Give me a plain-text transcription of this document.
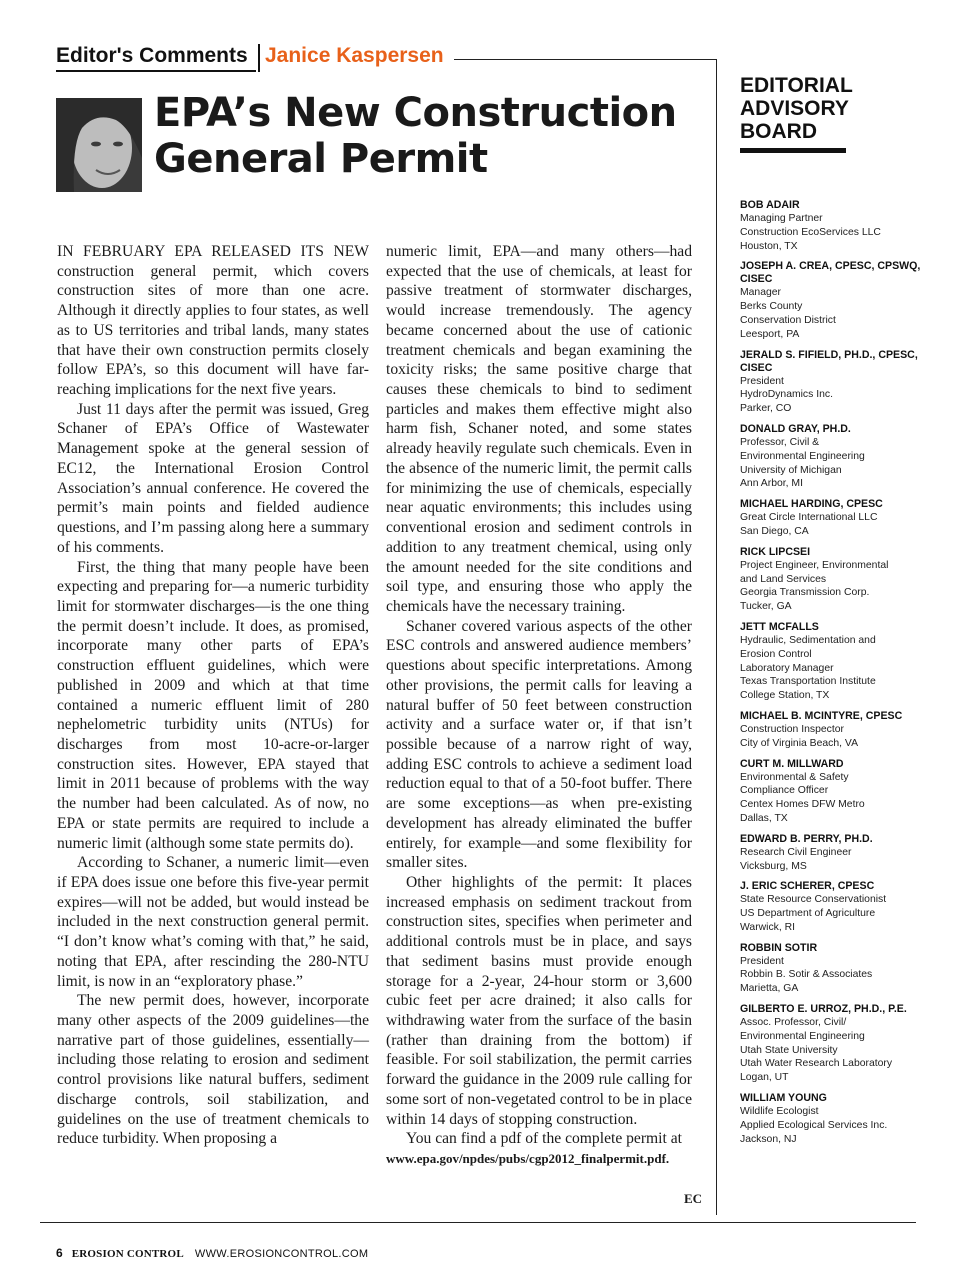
Editor's Comments Janice Kaspersen
EPA’s New Construction General Permit

IN FEBRUARY EPA RELEASED ITS NEW construction general permit, which covers construction sites of more than one acre. Although it directly applies to four states, as well as to US territories and tribal lands, many states that have their own construction permits closely follow EPA’s, so this document will have far-reaching implications for the next five years.

Just 11 days after the permit was issued, Greg Schaner of EPA’s Office of Wastewater Management spoke at the general session of EC12, the International Erosion Control Association’s annual conference. He covered the permit’s main points and fielded audience questions, and I’m passing along here a summary of his comments.

First, the thing that many people have been expecting and preparing for—a numeric turbidity limit for stormwater discharges—is the one thing the permit doesn’t include. It does, as promised, incorporate many other parts of EPA’s construction effluent guidelines, which were published in 2009 and which at that time contained a numeric effluent limit of 280 nephelometric turbidity units (NTUs) for discharges from most 10-acre-or-larger construction sites. However, EPA stayed that limit in 2011 because of problems with the way the number had been calculated. As of now, no EPA or state permits are required to include a numeric limit (although some state permits do).

According to Schaner, a numeric limit—even if EPA does issue one before this five-year permit expires—will not be added, but would instead be included in the next construction general permit. “I don’t know what’s coming with that,” he said, noting that EPA, after rescinding the 280-NTU limit, is now in an “exploratory phase.”

The new permit does, however, incorporate many other aspects of the 2009 guidelines—the narrative part of those guidelines, essentially—including those relating to erosion and sediment control provisions like natural buffers, sediment discharge controls, soil stabilization, and guidelines on the use of treatment chemicals to reduce turbidity. When proposing a

numeric limit, EPA—and many others—had expected that the use of chemicals, at least for passive treatment of stormwater discharges, would increase tremendously. The agency became concerned about the use of cationic treatment chemicals and began examining the toxicity risks; the same positive charge that causes these chemicals to bind to sediment particles and makes them effective might also harm fish, Schaner noted, and some states already heavily regulate such chemicals. Even in the absence of the numeric limit, the permit calls for minimizing the use of chemicals, especially near aquatic environments; this includes using conventional erosion and sediment controls in addition to any treatment chemical, using only the amount needed for the site conditions and soil type, and ensuring those who apply the chemicals have the necessary training.

Schaner covered various aspects of the other ESC controls and answered audience members’ questions about specific interpretations. Among other provisions, the permit calls for leaving a natural buffer of 50 feet between construction activity and a surface water or, if that isn’t possible because of a narrow right of way, adding ESC controls to achieve a sediment load reduction equal to that of a 50-foot buffer. There are some exceptions—as when pre-existing development has already eliminated the buffer entirely, for example—and some flexibility for smaller sites.

Other highlights of the permit: It places increased emphasis on sediment trackout from construction sites, specifies when perimeter and additional controls must be in place, and says that sediment basins must provide enough storage for a 2-year, 24-hour storm or 3,600 cubic feet per acre drained; it also calls for withdrawing water from the surface of the basin (rather than draining from the bottom) if feasible. For soil stabilization, the permit carries forward the guidance in the 2009 rule calling for some sort of non-vegetated control to be in place within 14 days of stopping construction.

You can find a pdf of the complete permit at

www.epa.gov/npdes/pubs/cgp2012_finalpermit.pdf.
EC
EDITORIAL
ADVISORY
BOARD
BOB ADAIR
Managing Partner
Construction EcoServices LLC
Houston, TX
JOSEPH A. CREA, CPESC, CPSWQ, CISEC
Manager
Berks County
Conservation District
Leesport, PA
JERALD S. FIFIELD, PH.D., CPESC, CISEC
President
HydroDynamics Inc.
Parker, CO
DONALD GRAY, PH.D.
Professor, Civil &
Environmental Engineering
University of Michigan
Ann Arbor, MI
MICHAEL HARDING, CPESC
Great Circle International LLC
San Diego, CA
RICK LIPCSEI
Project Engineer, Environmental
and Land Services
Georgia Transmission Corp.
Tucker, GA
JETT MCFALLS
Hydraulic, Sedimentation and
Erosion Control
Laboratory Manager
Texas Transportation Institute
College Station, TX
MICHAEL B. MCINTYRE, CPESC
Construction Inspector
City of Virginia Beach, VA
CURT M. MILLWARD
Environmental & Safety
Compliance Officer
Centex Homes DFW Metro
Dallas, TX
EDWARD B. PERRY, PH.D.
Research Civil Engineer
Vicksburg, MS
J. ERIC SCHERER, CPESC
State Resource Conservationist
US Department of Agriculture
Warwick, RI
ROBBIN SOTIR
President
Robbin B. Sotir & Associates
Marietta, GA
GILBERTO E. URROZ, PH.D., P.E.
Assoc. Professor, Civil/
Environmental Engineering
Utah State University
Utah Water Research Laboratory
Logan, UT
WILLIAM YOUNG
Wildlife Ecologist
Applied Ecological Services Inc.
Jackson, NJ
6 EROSION CONTROL WWW.EROSIONCONTROL.COM
